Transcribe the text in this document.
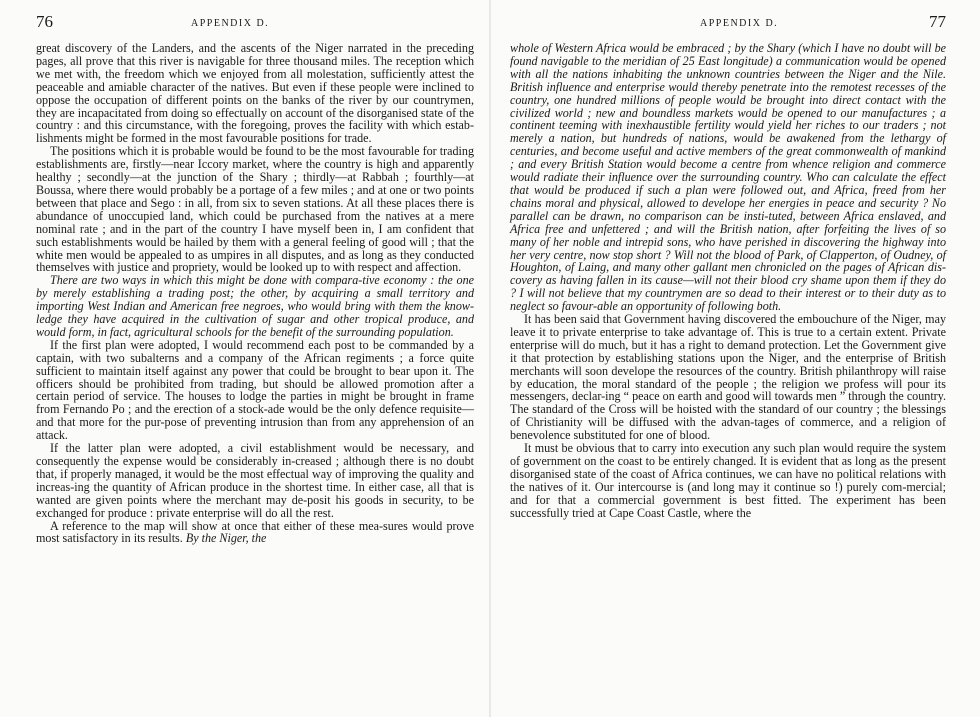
76	APPENDIX D.

great discovery of the Landers, and the ascents of the Niger narrated in the preceding pages, all prove that this river is navigable for three thousand miles. The reception which we met with, the freedom which we enjoyed from all molestation, sufficiently attest the peaceable and amiable character of the natives. But even if these people were inclined to oppose the occupation of different points on the banks of the river by our countrymen, they are incapacitated from doing so effectually on account of the disorganised state of the country : and this circumstance, with the foregoing, proves the facility with which estab-lishments might be formed in the most favourable positions for trade.

The positions which it is probable would be found to be the most favourable for trading establishments are, firstly—near Iccory market, where the country is high and apparently healthy ; secondly—at the junction of the Shary ; thirdly—at Rabbah ; fourthly—at Boussa, where there would probably be a portage of a few miles ; and at one or two points between that place and Sego : in all, from six to seven stations. At all these places there is abundance of unoccupied land, which could be purchased from the natives at a mere nominal rate ; and in the part of the country I have myself been in, I am confident that such establishments would be hailed by them with a general feeling of good will ; that the white men would be appealed to as umpires in all disputes, and as long as they conducted themselves with justice and propriety, would be looked up to with respect and affection.

There are two ways in which this might be done with compara-tive economy : the one by merely establishing a trading post; the other, by acquiring a small territory and importing West Indian and American free negroes, who would bring with them the know-ledge they have acquired in the cultivation of sugar and other tropical produce, and would form, in fact, agricultural schools for the benefit of the surrounding population.

If the first plan were adopted, I would recommend each post to be commanded by a captain, with two subalterns and a company of the African regiments ; a force quite sufficient to maintain itself against any power that could be brought to bear upon it. The officers should be prohibited from trading, but should be allowed promotion after a certain period of service. The houses to lodge the parties in might be brought in frame from Fernando Po ; and the erection of a stock-ade would be the only defence requisite—and that more for the pur-pose of preventing intrusion than from any apprehension of an attack.

If the latter plan were adopted, a civil establishment would be necessary, and consequently the expense would be considerably in-creased ; although there is no doubt that, if properly managed, it would be the most effectual way of improving the quality and increas-ing the quantity of African produce in the shortest time. In either case, all that is wanted are given points where the merchant may de-posit his goods in security, to be exchanged for produce : private enterprise will do all the rest.

A reference to the map will show at once that either of these mea-sures would prove most satisfactory in its results. By the Niger, the

APPENDIX D.	77

whole of Western Africa would be embraced ; by the Shary (which I have no doubt will be found navigable to the meridian of 25 East longitude) a communication would be opened with all the nations inhabiting the unknown countries between the Niger and the Nile. British influence and enterprise would thereby penetrate into the remotest recesses of the country, one hundred millions of people would be brought into direct contact with the civilized world ; new and boundless markets would be opened to our manufactures ; a continent teeming with inexhaustible fertility would yield her riches to our traders ; not merely a nation, but hundreds of nations, would be awakened from the lethargy of centuries, and become useful and active members of the great commonwealth of mankind ; and every British Station would become a centre from whence religion and commerce would radiate their influence over the surrounding country. Who can calculate the effect that would be produced if such a plan were followed out, and Africa, freed from her chains moral and physical, allowed to develope her energies in peace and security ? No parallel can be drawn, no comparison can be insti-tuted, between Africa enslaved, and Africa free and unfettered ; and will the British nation, after forfeiting the lives of so many of her noble and intrepid sons, who have perished in discovering the highway into her very centre, now stop short ? Will not the blood of Park, of Clapperton, of Oudney, of Houghton, of Laing, and many other gallant men chronicled on the pages of African dis-covery as having fallen in its cause—will not their blood cry shame upon them if they do ? I will not believe that my countrymen are so dead to their interest or to their duty as to neglect so favour-able an opportunity of following both.

It has been said that Government having discovered the embouchure of the Niger, may leave it to private enterprise to take advantage of. This is true to a certain extent. Private enterprise will do much, but it has a right to demand protection. Let the Government give it that protection by establishing stations upon the Niger, and the enterprise of British merchants will soon develope the resources of the country. British philanthropy will raise by education, the moral standard of the people ; the religion we profess will pour its messengers, declar-ing “ peace on earth and good will towards men ” through the country. The standard of the Cross will be hoisted with the standard of our country ; the blessings of Christianity will be diffused with the advan-tages of commerce, and a religion of benevolence substituted for one of blood.

It must be obvious that to carry into execution any such plan would require the system of government on the coast to be entirely changed. It is evident that as long as the present disorganised state of the coast of Africa continues, we can have no political relations with the natives of it. Our intercourse is (and long may it continue so !) purely com-mercial; and for that a commercial government is best fitted. The experiment has been successfully tried at Cape Coast Castle, where the
